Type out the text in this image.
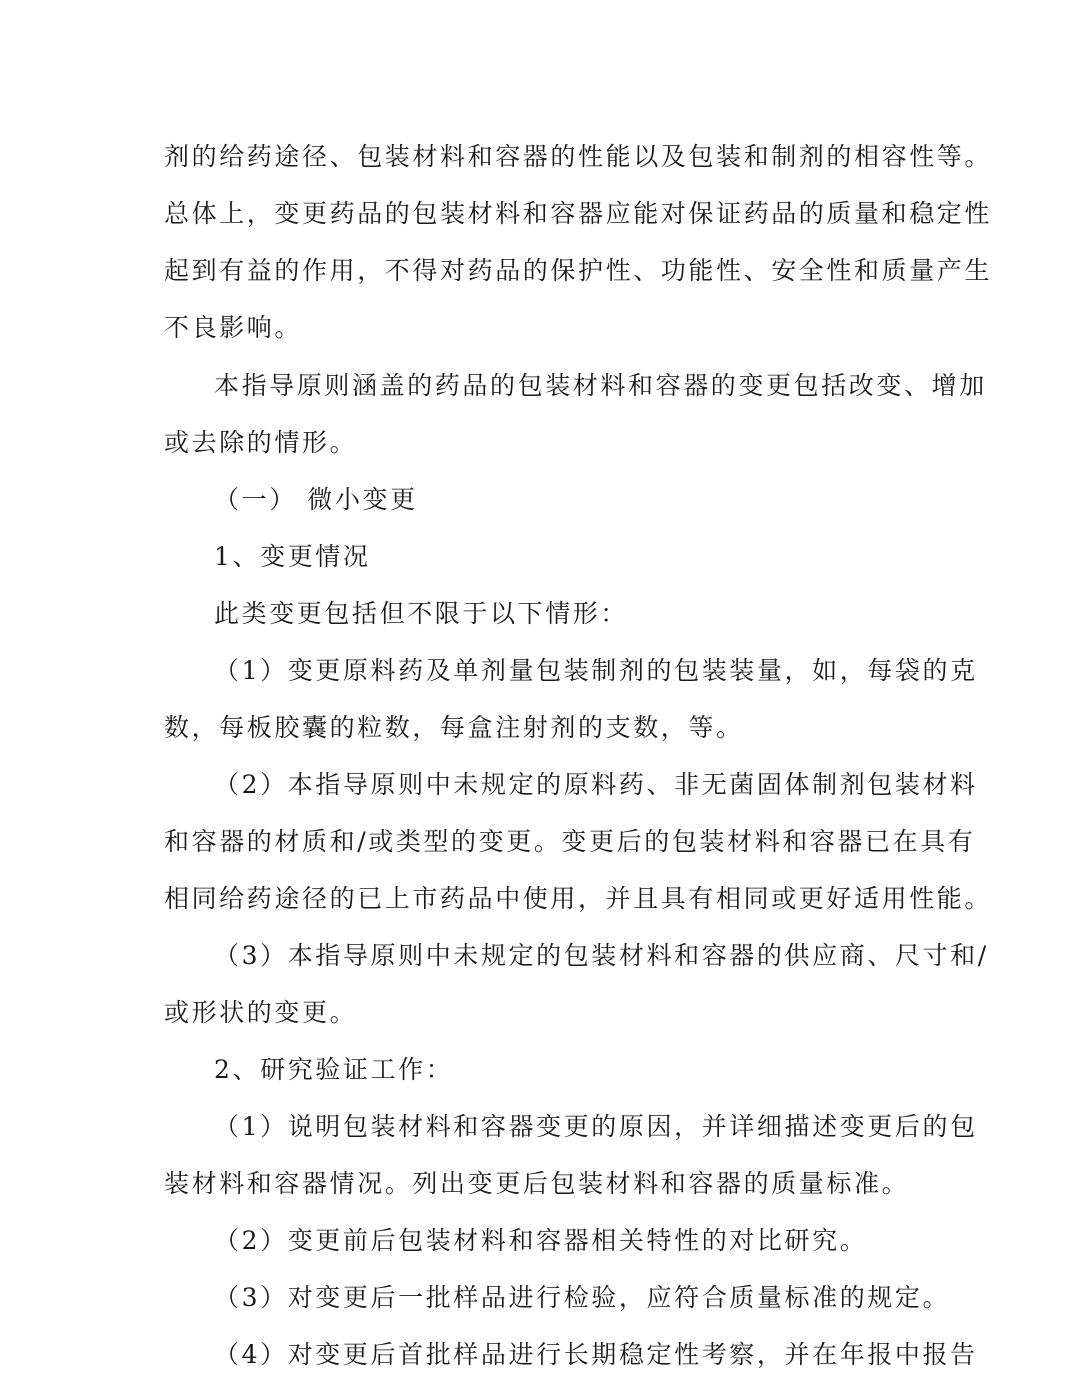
剂的给药途径、包装材料和容器的性能以及包装和制剂的相容性等。
总体上，变更药品的包装材料和容器应能对保证药品的质量和稳定性
起到有益的作用，不得对药品的保护性、功能性、安全性和质量产生
不良影响。
本指导原则涵盖的药品的包装材料和容器的变更包括改变、增加
或去除的情形。
（一） 微小变更
1、变更情况
此类变更包括但不限于以下情形：
（1）变更原料药及单剂量包装制剂的包装装量，如，每袋的克
数，每板胶囊的粒数，每盒注射剂的支数，等。
（2）本指导原则中未规定的原料药、非无菌固体制剂包装材料
和容器的材质和/或类型的变更。变更后的包装材料和容器已在具有
相同给药途径的已上市药品中使用，并且具有相同或更好适用性能。
（3）本指导原则中未规定的包装材料和容器的供应商、尺寸和/
或形状的变更。
2、研究验证工作：
（1）说明包装材料和容器变更的原因，并详细描述变更后的包
装材料和容器情况。列出变更后包装材料和容器的质量标准。
（2）变更前后包装材料和容器相关特性的对比研究。
（3）对变更后一批样品进行检验，应符合质量标准的规定。
（4）对变更后首批样品进行长期稳定性考察，并在年报中报告
